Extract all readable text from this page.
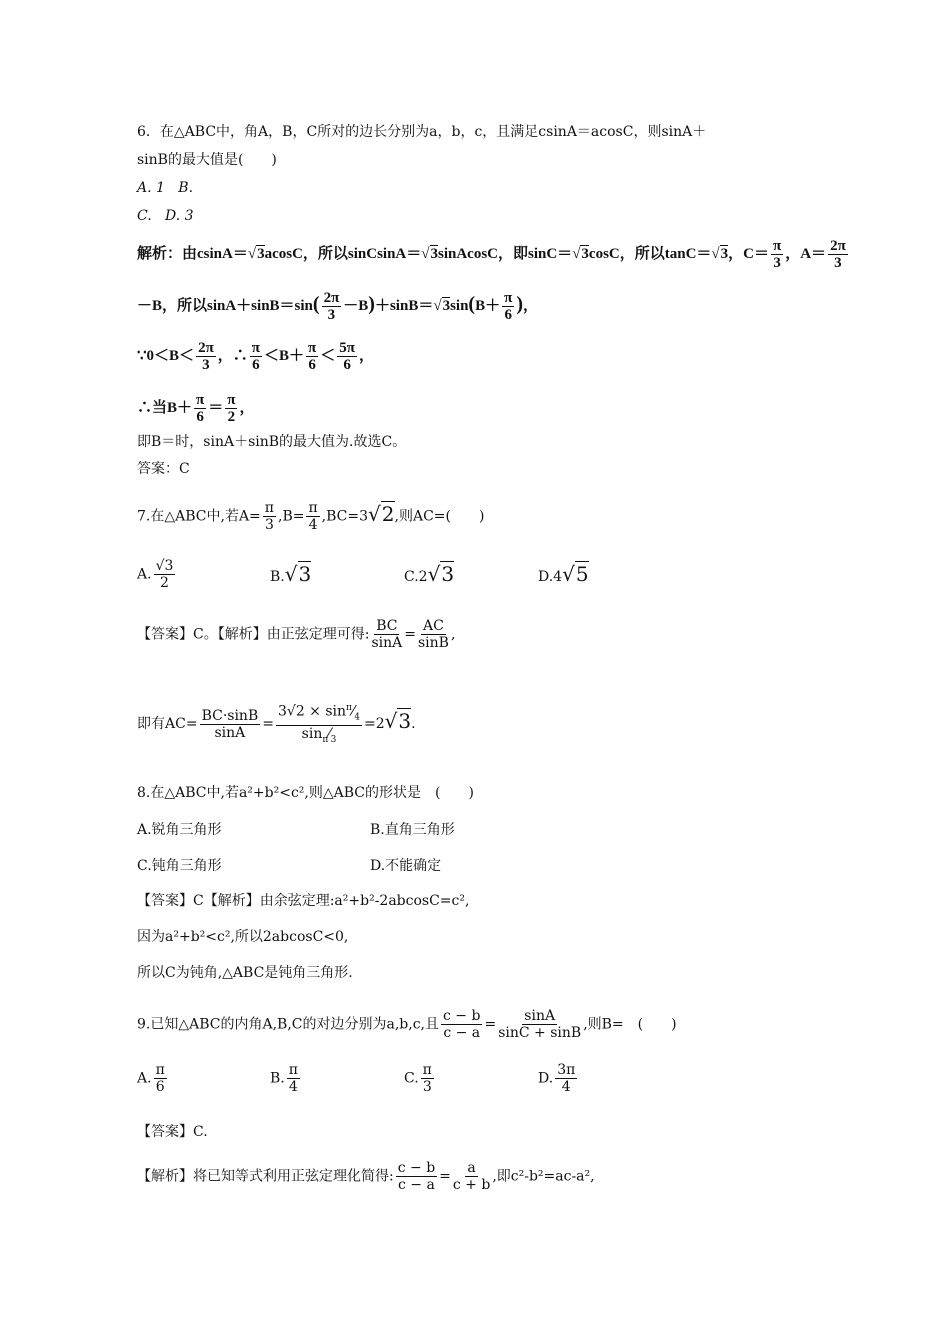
6．在△ABC中，角A，B，C所对的边长分别为a，b，c，且满足csinA＝acosC，则sinA＋
sinB的最大值是(　　)
A. 1 B.
C. D. 3
解析：由csinA＝√3acosC，所以sinCsinA＝√3sinAcosC，即sinC＝√3cosC，所以tanC＝√3，$C= \frac{\pi}{3}$ ，$A= \frac{2\pi}{3}$
－B，所以$\sin A+\sin B=\sin( \frac{2\pi}{3} -B)+\sin B=√3\sin(B+ \frac{\pi}{6}$ )，
∵0＜B＜ $\frac{2\pi}{3}$ ，∴ $\frac{\pi}{6} <B+ \frac{\pi}{6} < \frac{5\pi}{6}$ ，
∴当$B+ \frac{\pi}{6} = \frac{\pi}{2}$ ，
即B＝时，sinA＋sinB的最大值为.故选C。
答案：C
7.在△ABC中,若$A= \frac{\pi}{3} ,B= \frac{\pi}{4} ,BC=3√2$,则AC=(　　)
A. $\frac{√3}{2}$	B.√3	C.2√3	D.4√5
【答案】C。【解析】由正弦定理可得: $\frac{BC}{\sin A} = \frac{AC}{\sin B}$ ,
即有$AC= \frac{BC\cdot\sin B}{\sin A} = \frac{3√2 \times \sin^\pi⁄_4}{\sin_\pi⁄_3} =2√3$.
8.在△ABC中,若a²+b²<c²,则△ABC的形状是　(　　)
A.锐角三角形	B.直角三角形
C.钝角三角形	D.不能确定
【答案】C【解析】由余弦定理:a²+b²-2abcosC=c²,
因为a²+b²<c²,所以2abcosC<0,
所以C为钝角,△ABC是钝角三角形.
9.已知△ABC的内角A,B,C的对边分别为a,b,c,且 $\frac{c - b}{c - a} = \frac{\sin A}{\sin C + \sin B}$ ,则B=　(　　)
A. $\frac{\pi}{6}$	B. $\frac{\pi}{4}$	C. $\frac{\pi}{3}$	D. $\frac{3\pi}{4}$
【答案】C.
【解析】将已知等式利用正弦定理化简得: $\frac{c - b}{c - a} = \frac{a}{c + b}$ ,即c²-b²=ac-a²,
